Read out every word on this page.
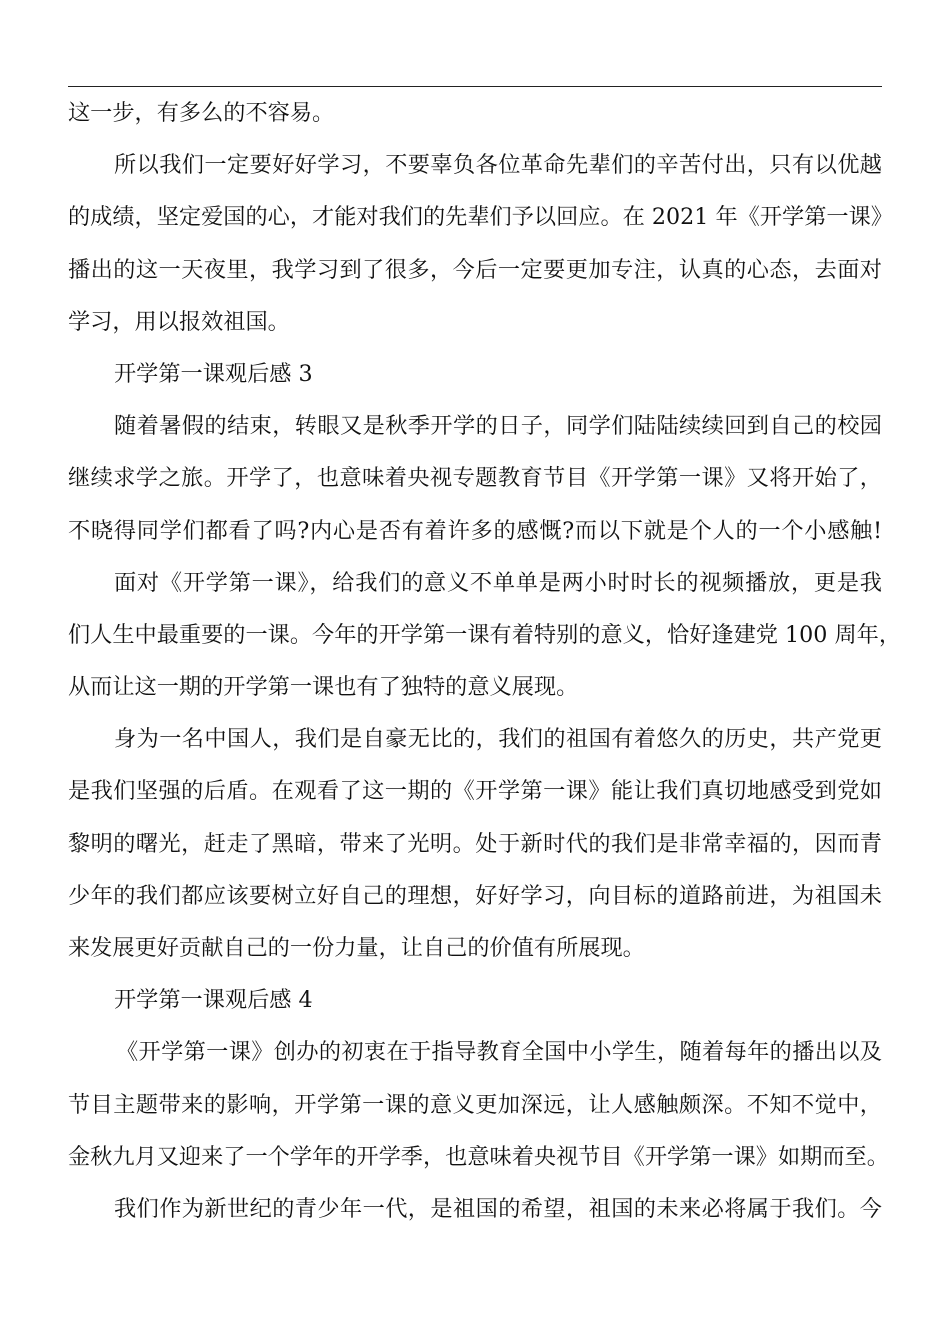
这一步，有多么的不容易。
所以我们一定要好好学习，不要辜负各位革命先辈们的辛苦付出，只有以优越
的成绩，坚定爱国的心，才能对我们的先辈们予以回应。在 2021 年《开学第一课》
播出的这一天夜里，我学习到了很多，今后一定要更加专注，认真的心态，去面对
学习，用以报效祖国。
开学第一课观后感 3
随着暑假的结束，转眼又是秋季开学的日子，同学们陆陆续续回到自己的校园
继续求学之旅。开学了，也意味着央视专题教育节目《开学第一课》又将开始了，
不晓得同学们都看了吗?内心是否有着许多的感慨?而以下就是个人的一个小感触!
面对《开学第一课》，给我们的意义不单单是两小时时长的视频播放，更是我
们人生中最重要的一课。今年的开学第一课有着特别的意义，恰好逢建党 100 周年，
从而让这一期的开学第一课也有了独特的意义展现。
身为一名中国人，我们是自豪无比的，我们的祖国有着悠久的历史，共产党更
是我们坚强的后盾。在观看了这一期的《开学第一课》能让我们真切地感受到党如
黎明的曙光，赶走了黑暗，带来了光明。处于新时代的我们是非常幸福的，因而青
少年的我们都应该要树立好自己的理想，好好学习，向目标的道路前进，为祖国未
来发展更好贡献自己的一份力量，让自己的价值有所展现。
开学第一课观后感 4
《开学第一课》创办的初衷在于指导教育全国中小学生，随着每年的播出以及
节目主题带来的影响，开学第一课的意义更加深远，让人感触颇深。不知不觉中，
金秋九月又迎来了一个学年的开学季，也意味着央视节目《开学第一课》如期而至。
我们作为新世纪的青少年一代，是祖国的希望，祖国的未来必将属于我们。今
